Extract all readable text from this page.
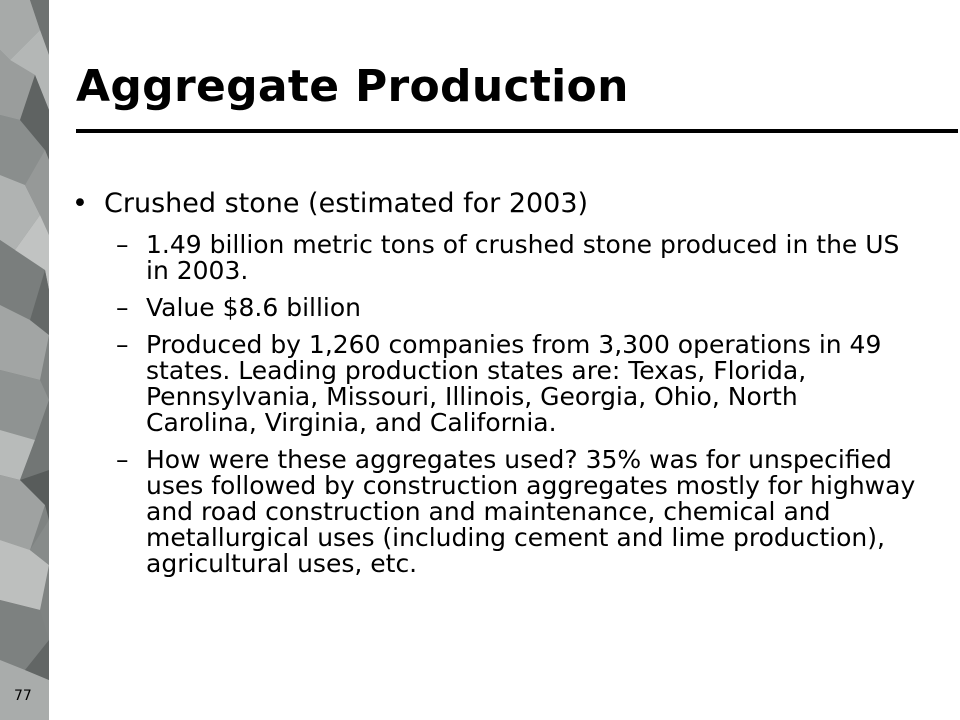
77
Aggregate Production
• Crushed stone (estimated for 2003)
– 1.49 billion metric tons of crushed stone produced in the US in 2003.
– Value $8.6 billion
– Produced by 1,260 companies from 3,300 operations in 49 states. Leading production states are: Texas, Florida, Pennsylvania, Missouri, Illinois, Georgia, Ohio, North Carolina, Virginia, and California.
– How were these aggregates used? 35% was for unspecified uses followed by construction aggregates mostly for highway and road construction and maintenance, chemical and metallurgical uses (including cement and lime production), agricultural uses, etc.
